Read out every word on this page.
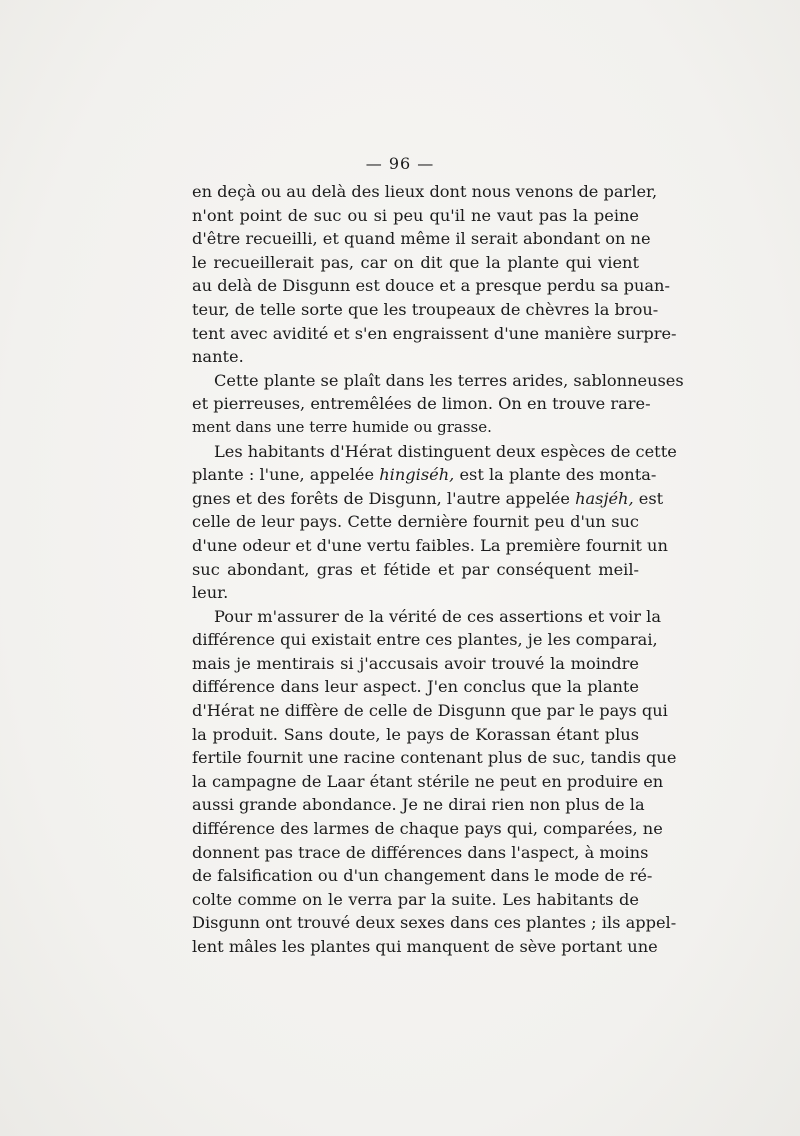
— 96 —
en deçà ou au delà des lieux dont nous venons de parler,
n'ont point de suc ou si peu qu'il ne vaut pas la peine
d'être recueilli, et quand même il serait abondant on ne
le recueillerait pas, car on dit que la plante qui vient
au delà de Disgunn est douce et a presque perdu sa puan-
teur, de telle sorte que les troupeaux de chèvres la brou-
tent avec avidité et s'en engraissent d'une manière surpre-
nante.
Cette plante se plaît dans les terres arides, sablonneuses
et pierreuses, entremêlées de limon. On en trouve rare-
ment dans une terre humide ou grasse.
Les habitants d'Hérat distinguent deux espèces de cette
plante : l'une, appelée hingiséh, est la plante des monta-
gnes et des forêts de Disgunn, l'autre appelée hasjéh, est
celle de leur pays. Cette dernière fournit peu d'un suc
d'une odeur et d'une vertu faibles. La première fournit un
suc abondant, gras et fétide et par conséquent meil-
leur.
Pour m'assurer de la vérité de ces assertions et voir la
différence qui existait entre ces plantes, je les comparai,
mais je mentirais si j'accusais avoir trouvé la moindre
différence dans leur aspect. J'en conclus que la plante
d'Hérat ne diffère de celle de Disgunn que par le pays qui
la produit. Sans doute, le pays de Korassan étant plus
fertile fournit une racine contenant plus de suc, tandis que
la campagne de Laar étant stérile ne peut en produire en
aussi grande abondance. Je ne dirai rien non plus de la
différence des larmes de chaque pays qui, comparées, ne
donnent pas trace de différences dans l'aspect, à moins
de falsification ou d'un changement dans le mode de ré-
colte comme on le verra par la suite. Les habitants de
Disgunn ont trouvé deux sexes dans ces plantes ; ils appel-
lent mâles les plantes qui manquent de sève portant une
